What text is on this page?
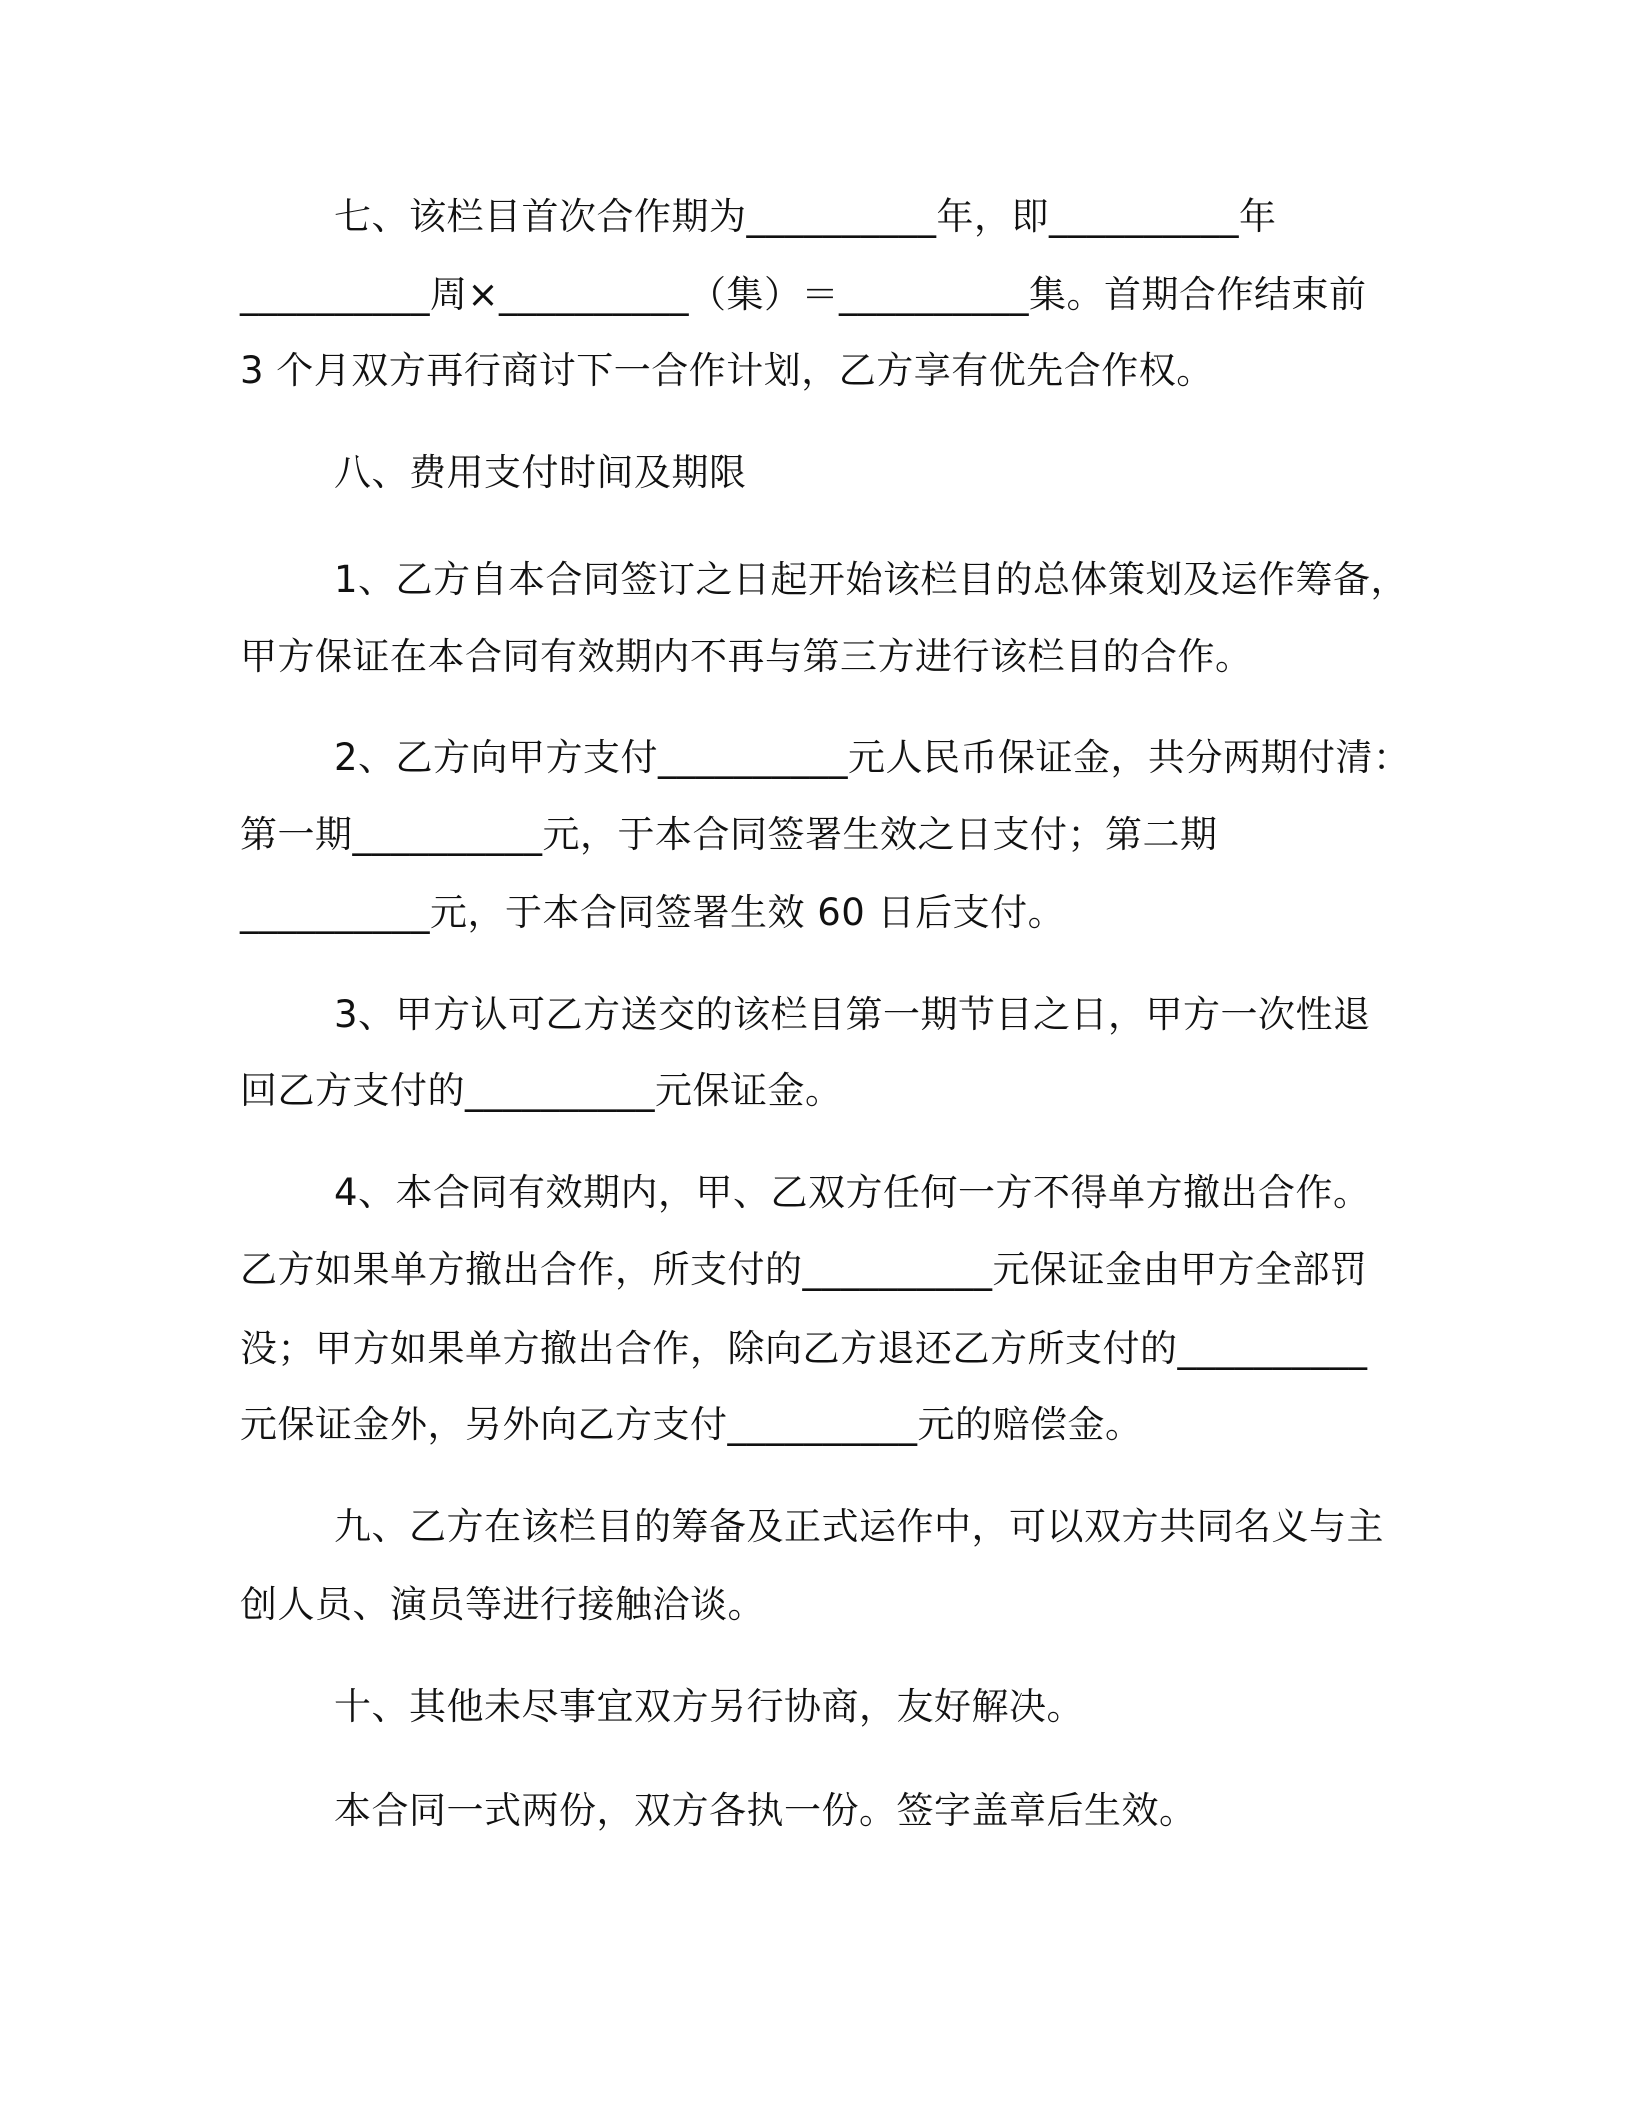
七、该栏目首次合作期为__________年，即__________年
__________周×__________（集）＝__________集。首期合作结束前
3 个月双方再行商讨下一合作计划，乙方享有优先合作权。
八、费用支付时间及期限
1、乙方自本合同签订之日起开始该栏目的总体策划及运作筹备，
甲方保证在本合同有效期内不再与第三方进行该栏目的合作。
2、乙方向甲方支付__________元人民币保证金，共分两期付清：
第一期__________元，于本合同签署生效之日支付；第二期
__________元，于本合同签署生效 60 日后支付。
3、甲方认可乙方送交的该栏目第一期节目之日，甲方一次性退
回乙方支付的__________元保证金。
4、本合同有效期内，甲、乙双方任何一方不得单方撤出合作。
乙方如果单方撤出合作，所支付的__________元保证金由甲方全部罚
没；甲方如果单方撤出合作，除向乙方退还乙方所支付的__________
元保证金外，另外向乙方支付__________元的赔偿金。
九、乙方在该栏目的筹备及正式运作中，可以双方共同名义与主
创人员、演员等进行接触洽谈。
十、其他未尽事宜双方另行协商，友好解决。
本合同一式两份，双方各执一份。签字盖章后生效。
